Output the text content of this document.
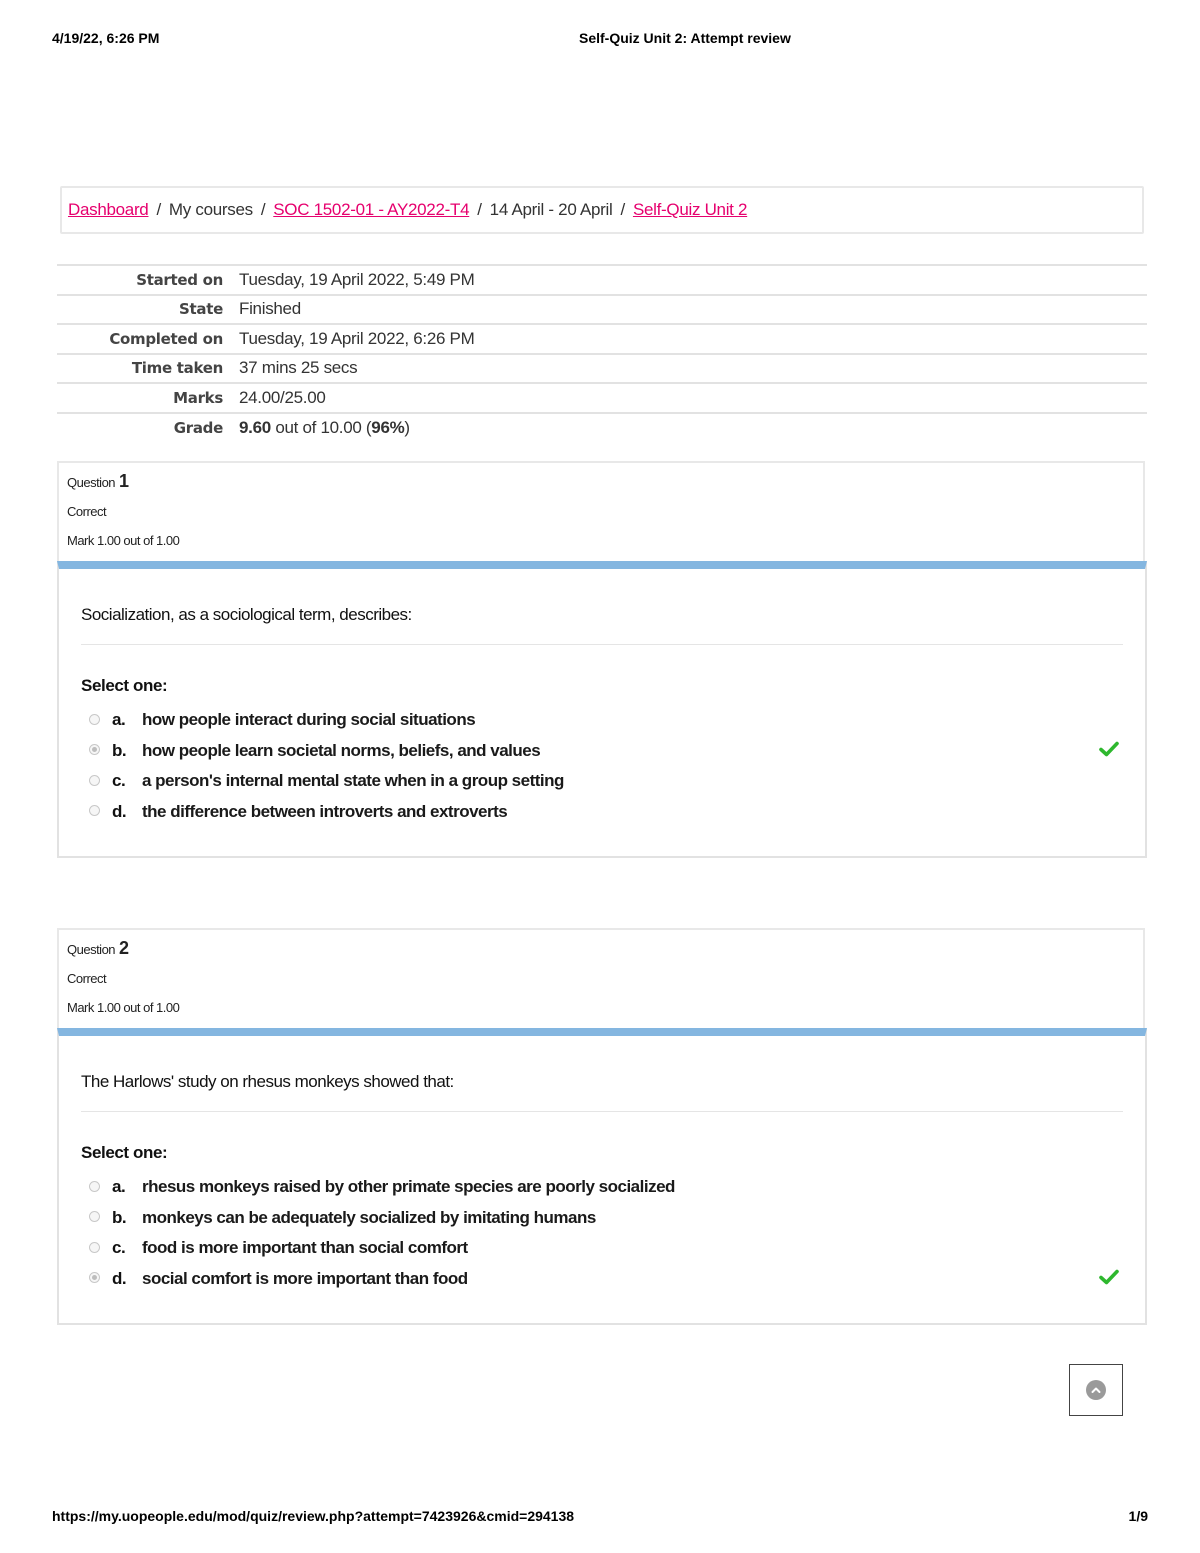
4/19/22, 6:26 PM	Self-Quiz Unit 2: Attempt review
Dashboard / My courses / SOC 1502-01 - AY2022-T4 / 14 April - 20 April / Self-Quiz Unit 2
Started on	Tuesday, 19 April 2022, 5:49 PM
State	Finished
Completed on	Tuesday, 19 April 2022, 6:26 PM
Time taken	37 mins 25 secs
Marks	24.00/25.00
Grade	9.60 out of 10.00 (96%)
Question 1
Correct
Mark 1.00 out of 1.00
Socialization, as a sociological term, describes:
Select one:
a. how people interact during social situations
b. how people learn societal norms, beliefs, and values
c. a person's internal mental state when in a group setting
d. the difference between introverts and extroverts
Question 2
Correct
Mark 1.00 out of 1.00
The Harlows' study on rhesus monkeys showed that:
Select one:
a. rhesus monkeys raised by other primate species are poorly socialized
b. monkeys can be adequately socialized by imitating humans
c. food is more important than social comfort
d. social comfort is more important than food
https://my.uopeople.edu/mod/quiz/review.php?attempt=7423926&cmid=294138	1/9
